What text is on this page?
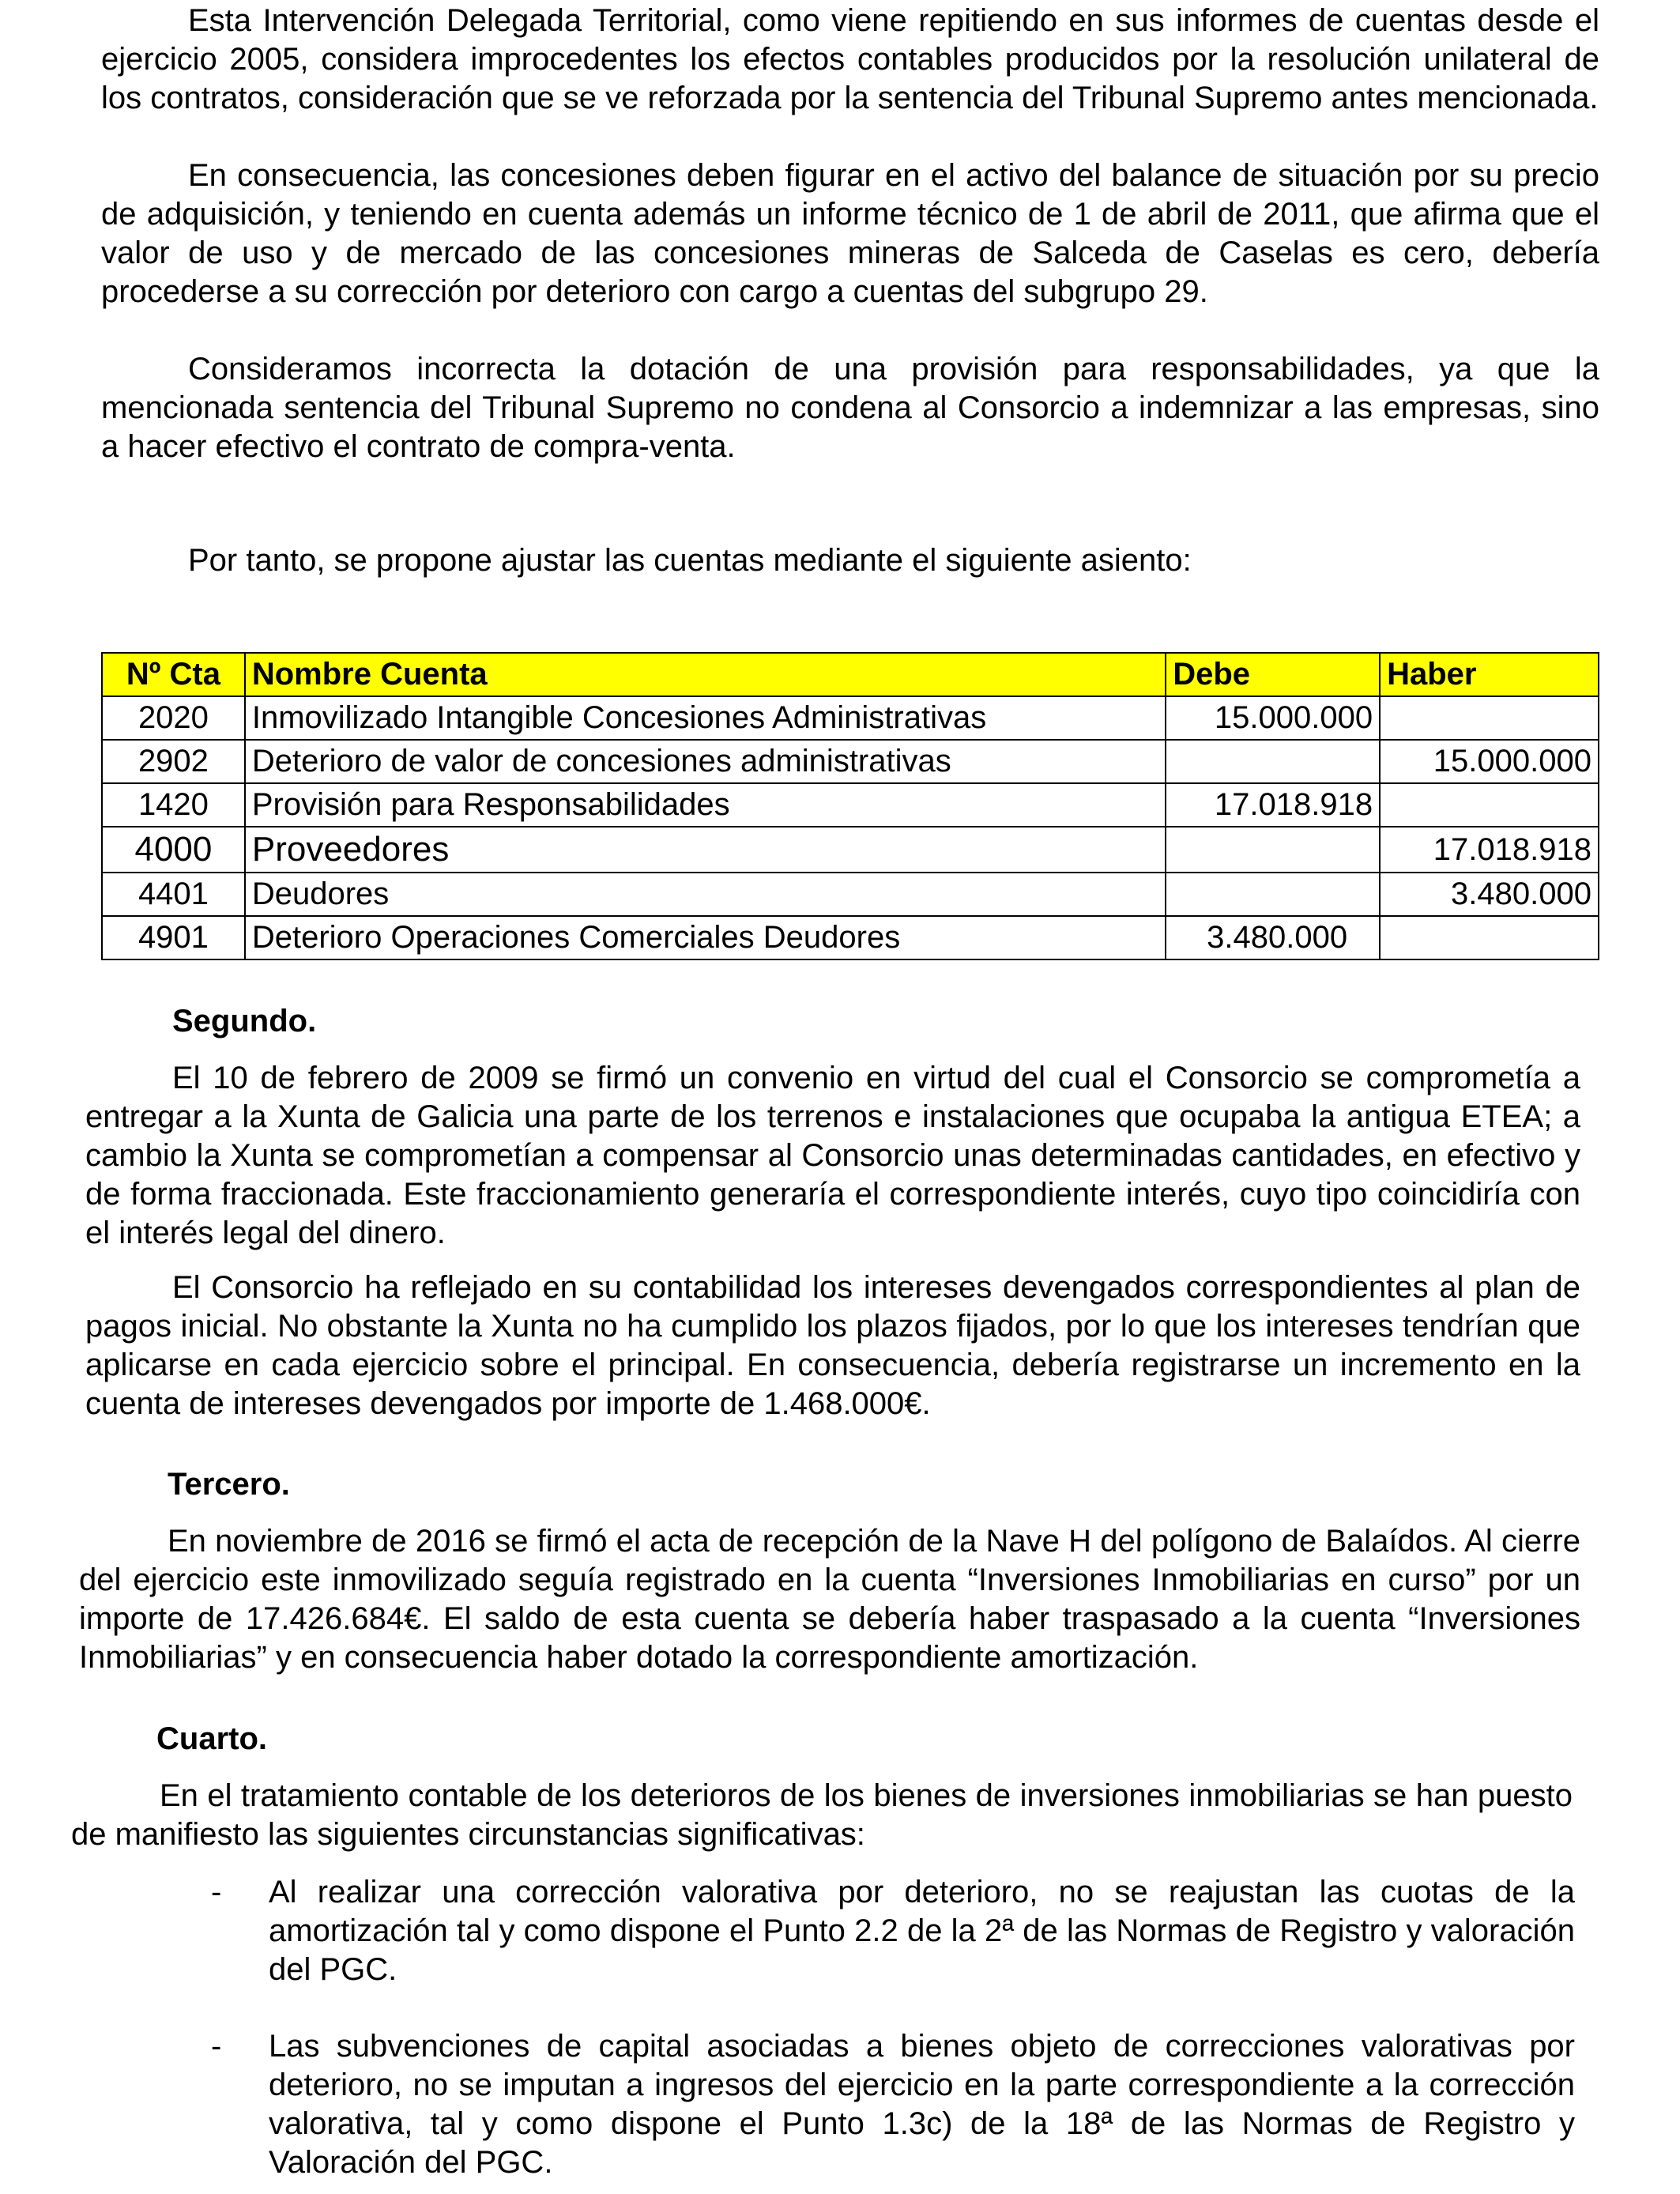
Esta Intervención Delegada Territorial, como viene repitiendo en sus informes de cuentas desde el ejercicio 2005, considera improcedentes los efectos contables producidos por la resolución unilateral de los contratos, consideración que se ve reforzada por la sentencia del Tribunal Supremo antes mencionada.

En consecuencia, las concesiones deben figurar en el activo del balance de situación por su precio de adquisición, y teniendo en cuenta además un informe técnico de 1 de abril de 2011, que afirma que el valor de uso y de mercado de las concesiones mineras de Salceda de Caselas es cero, debería procederse a su corrección por deterioro con cargo a cuentas del subgrupo 29.

Consideramos incorrecta la dotación de una provisión para responsabilidades, ya que la mencionada sentencia del Tribunal Supremo no condena al Consorcio a indemnizar a las empresas, sino a hacer efectivo el contrato de compra-venta.

Por tanto, se propone ajustar las cuentas mediante el siguiente asiento:

Nº Cta	Nombre Cuenta	Debe	Haber
2020	Inmovilizado Intangible Concesiones Administrativas	15.000.000	
2902	Deterioro de valor de concesiones administrativas		15.000.000
1420	Provisión para Responsabilidades	17.018.918	
4000	Proveedores		17.018.918
4401	Deudores		3.480.000
4901	Deterioro Operaciones Comerciales Deudores	3.480.000	
Segundo.

El 10 de febrero de 2009 se firmó un convenio en virtud del cual el Consorcio se comprometía a entregar a la Xunta de Galicia una parte de los terrenos e instalaciones que ocupaba la antigua ETEA; a cambio la Xunta se comprometían a compensar al Consorcio unas determinadas cantidades, en efectivo y de forma fraccionada. Este fraccionamiento generaría el correspondiente interés, cuyo tipo coincidiría con el interés legal del dinero.

El Consorcio ha reflejado en su contabilidad los intereses devengados correspondientes al plan de pagos inicial. No obstante la Xunta no ha cumplido los plazos fijados, por lo que los intereses tendrían que aplicarse en cada ejercicio sobre el principal. En consecuencia, debería registrarse un incremento en la cuenta de intereses devengados por importe de 1.468.000€.

Tercero.

En noviembre de 2016 se firmó el acta de recepción de la Nave H del polígono de Balaídos. Al cierre del ejercicio este inmovilizado seguía registrado en la cuenta “Inversiones Inmobiliarias en curso” por un importe de 17.426.684€. El saldo de esta cuenta se debería haber traspasado a la cuenta “Inversiones Inmobiliarias” y en consecuencia haber dotado la correspondiente amortización.

Cuarto.

En el tratamiento contable de los deterioros de los bienes de inversiones inmobiliarias se han puesto de manifiesto las siguientes circunstancias significativas:

-	Al realizar una corrección valorativa por deterioro, no se reajustan las cuotas de la amortización tal y como dispone el Punto 2.2 de la 2ª de las Normas de Registro y valoración del PGC.
-	Las subvenciones de capital asociadas a bienes objeto de correcciones valorativas por deterioro, no se imputan a ingresos del ejercicio en la parte correspondiente a la corrección valorativa, tal y como dispone el Punto 1.3c) de la 18ª de las Normas de Registro y Valoración del PGC.
